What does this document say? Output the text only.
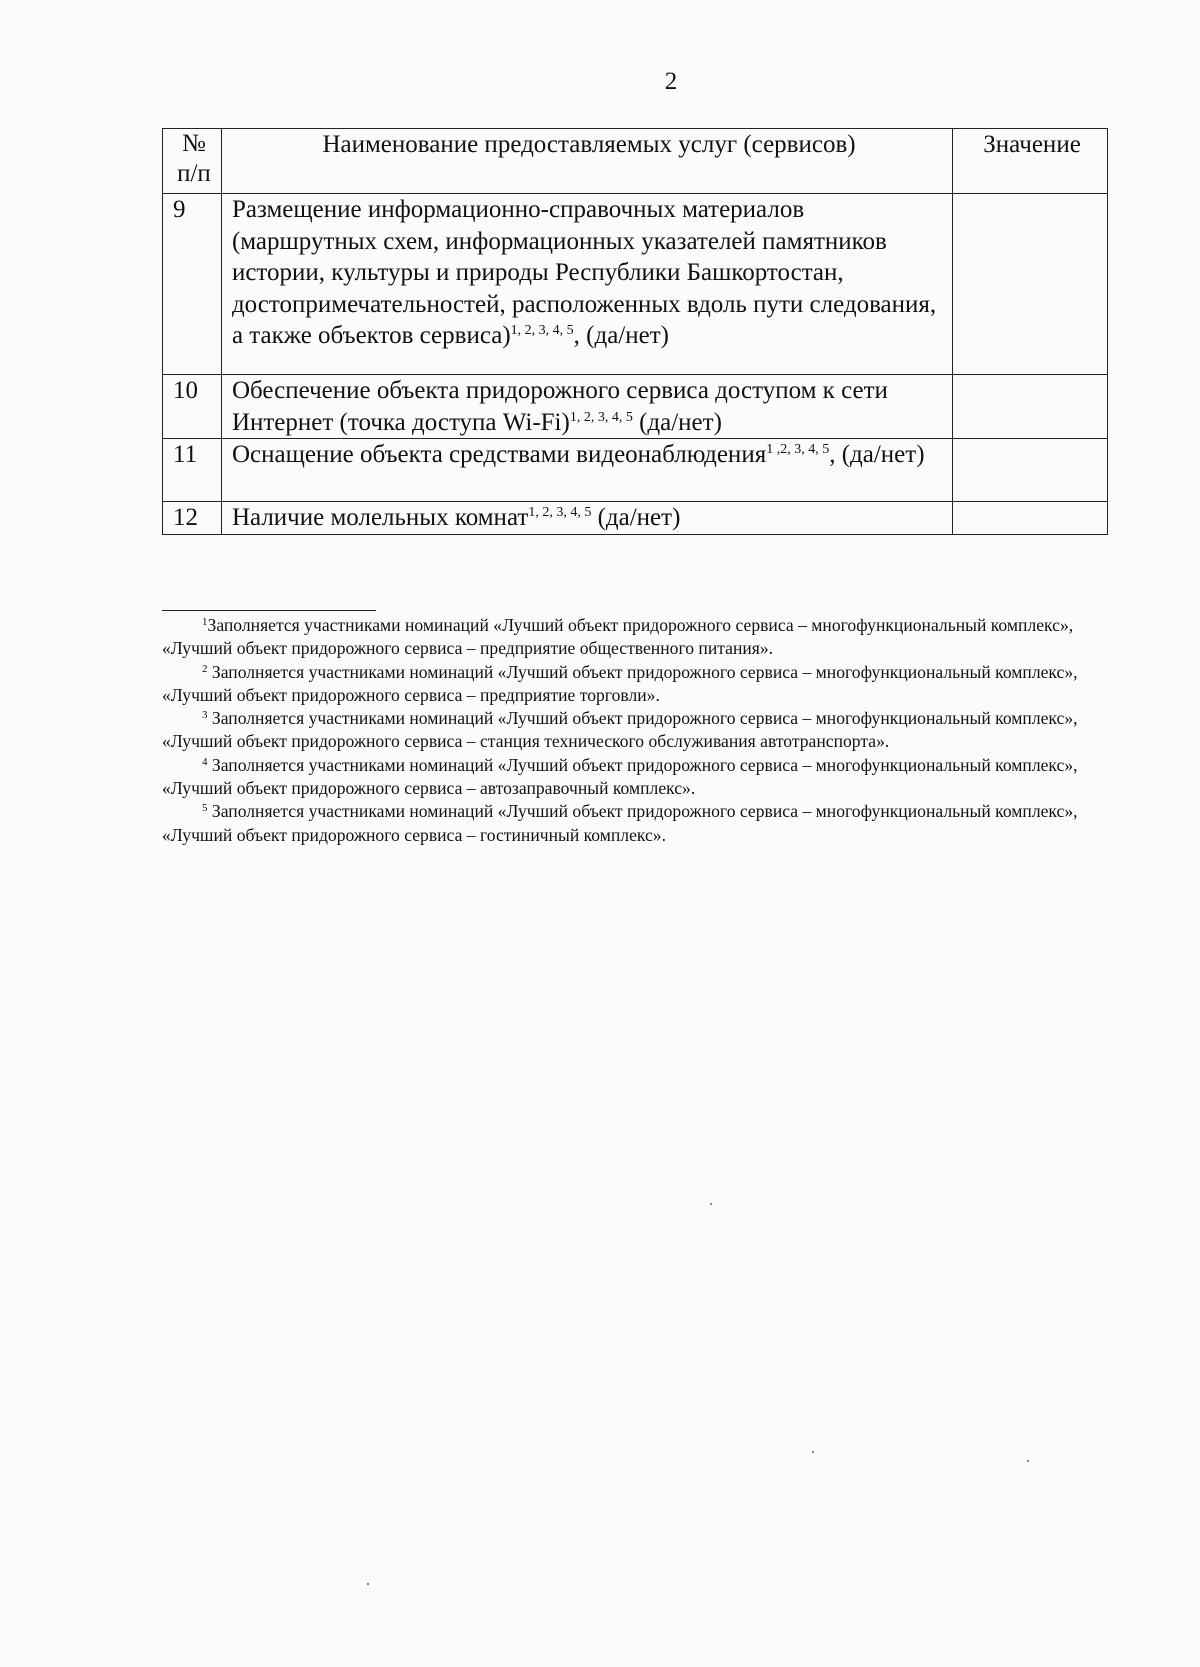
2
№ п/п	Наименование предоставляемых услуг (сервисов)	Значение
9	Размещение информационно-справочных материалов (маршрутных схем, информационных указателей памятников истории, культуры и природы Республики Башкортостан, достопримечательностей, расположенных вдоль пути следования, а также объектов сервиса)$^{1, 2, 3, 4, 5}$, (да/нет)	
10	Обеспечение объекта придорожного сервиса доступом к сети Интернет (точка доступа Wi-Fi)$^{1, 2, 3, 4, 5}$ (да/нет)	
11	Оснащение объекта средствами видеонаблюдения$^{1 ,2, 3, 4, 5}$, (да/нет)	
12	Наличие молельных комнат$^{1, 2, 3, 4, 5}$ (да/нет)	

$^1$Заполняется участниками номинаций «Лучший объект придорожного сервиса – многофункциональный комплекс», «Лучший объект придорожного сервиса – предприятие общественного питания».

$^2$ Заполняется участниками номинаций «Лучший объект придорожного сервиса – многофункциональный комплекс», «Лучший объект придорожного сервиса – предприятие торговли».

$^3$ Заполняется участниками номинаций «Лучший объект придорожного сервиса – многофункциональный комплекс», «Лучший объект придорожного сервиса – станция технического обслуживания автотранспорта».

$^4$ Заполняется участниками номинаций «Лучший объект придорожного сервиса – многофункциональный комплекс», «Лучший объект придорожного сервиса – автозаправочный комплекс».

$^5$ Заполняется участниками номинаций «Лучший объект придорожного сервиса – многофункциональный комплекс», «Лучший объект придорожного сервиса – гостиничный комплекс».
